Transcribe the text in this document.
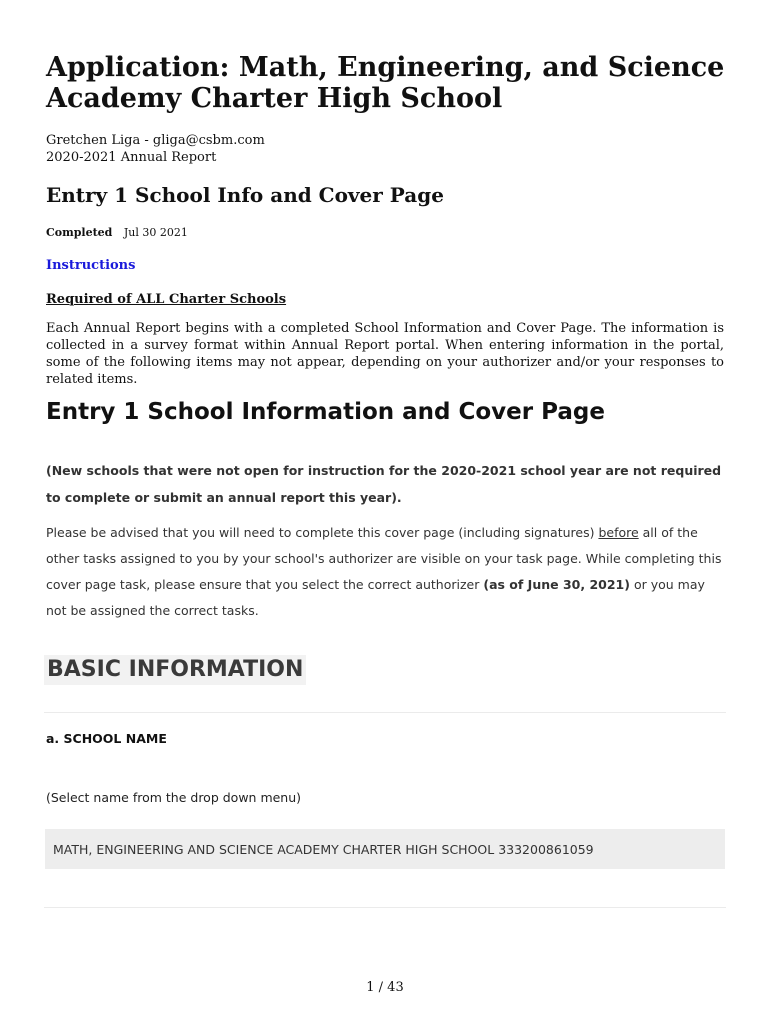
Application: Math, Engineering, and Science Academy Charter High School
Gretchen Liga - gliga@csbm.com
2020-2021 Annual Report
Entry 1 School Info and Cover Page
Completed Jul 30 2021
Instructions
Required of ALL Charter Schools

Each Annual Report begins with a completed School Information and Cover Page. The information is collected in a survey format within Annual Report portal. When entering information in the portal, some of the following items may not appear, depending on your authorizer and/or your responses to related items.

Entry 1 School Information and Cover Page

(New schools that were not open for instruction for the 2020-2021 school year are not required to complete or submit an annual report this year).

Please be advised that you will need to complete this cover page (including signatures) before all of the other tasks assigned to you by your school's authorizer are visible on your task page. While completing this cover page task, please ensure that you select the correct authorizer (as of June 30, 2021) or you may not be assigned the correct tasks.

BASIC INFORMATION
a. SCHOOL NAME
(Select name from the drop down menu)
MATH, ENGINEERING AND SCIENCE ACADEMY CHARTER HIGH SCHOOL 333200861059
1 / 43
